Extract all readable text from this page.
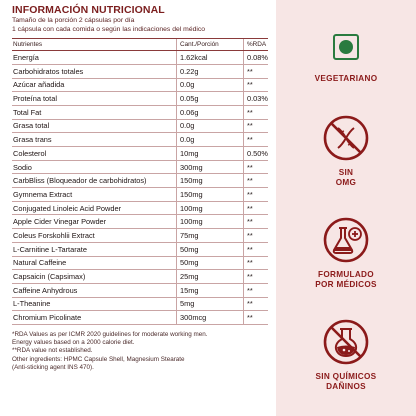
INFORMACIÓN NUTRICIONAL
Tamaño de la porción 2 cápsulas por día
1 cápsula con cada comida o según las indicaciones del médico
Nutrientes	Cant./Porción	%RDA
Energía	1.62kcal	0.08%
Carbohidratos totales	0.22g	**
Azúcar añadida	0.0g	**
Proteína total	0.05g	0.03%
Total Fat	0.06g	**
Grasa total	0.0g	**
Grasa trans	0.0g	**
Colesterol	10mg	0.50%
Sodio	300mg	**
CarbBliss (Bloqueador de carbohidratos)	150mg	**
Gymnema Extract	150mg	**
Conjugated Linoleic Acid Powder	100mg	**
Apple Cider Vinegar Powder	100mg	**
Coleus Forskohlii Extract	75mg	**
L-Carnitine L-Tartarate	50mg	**
Natural Caffeine	50mg	**
Capsaicin (Capsimax)	25mg	**
Caffeine Anhydrous	15mg	**
L-Theanine	5mg	**
Chromium Picolinate	300mcg	**
*RDA Values as per ICMR 2020 guidelines for moderate working men.
Energy values based on a 2000 calorie diet.
**RDA value not established.
Other ingredients: HPMC Capsule Shell, Magnesium Stearate
(Anti-sticking agent INS 470).
VEGETARIANO
SIN
OMG
FORMULADO
POR MÉDICOS
SIN QUÍMICOS
DAÑINOS
